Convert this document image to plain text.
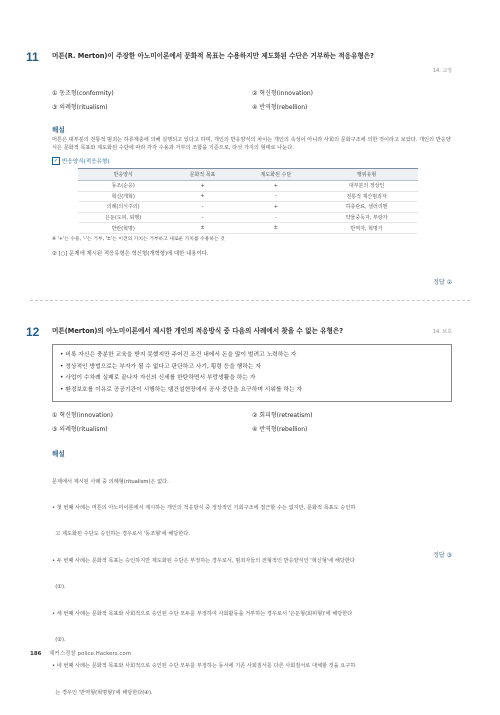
11 머튼(R. Merton)이 주장한 아노미이론에서 문화적 목표는 수용하지만 제도화된 수단은 거부하는 적응유형은?
14. 교정
① 동조형(conformity)	② 혁신형(innovation)
③ 의례형(ritualism)	④ 반역형(rebellion)
해설
머튼은 대부분의 전통적 범죄는 하류계층에 의해 실행되고 있다고 하며, 개인의 반응양식의 차이는 개인의 속성이 아니라 사회의 문화구조에 의한 것이라고 보았다. 개인의 반응양식은 문화적 목표와 제도화된 수단에 따라 각각 수용과 거부의 조합을 기준으로, 다섯 가지의 형태로 나눈다.
✓ 반응양식(적응유형)
반응양식	문화적 목표	제도화된 수단	행위유형
동조(순응)	+	+	대부분의 정상인
혁신(개혁)	+	-	전통적 재산범죄자
의례(의식주의)	-	+	하층관료, 샐러리맨
은둔(도피, 퇴행)	-	-	약물중독자, 부랑자
반란(혁명)	±	±	반역자, 혁명가
※ '+'는 수용, '-'는 거부, '±'는 이전의 가치는 거부하고 새로운 가치를 수용하는 것
② [○] 문제에 제시된 적응유형은 혁신형(개혁형)에 대한 내용이다.
정답 ②
12 머튼(Merton)의 아노미이론에서 제시한 개인의 적응방식 중 다음의 사례에서 찾을 수 없는 유형은?	14. 보호
• 비록 자신은 충분한 교육을 받지 못했지만 주어진 조건 내에서 돈을 많이 벌려고 노력하는 자
• 정상적인 방법으로는 부자가 될 수 없다고 판단하고 사기, 횡령 등을 행하는 자
• 사업이 수차례 실패로 끝나자 자신의 신세를 한탄하면서 부랑생활을 하는 자
• 환경보호를 이유로 공공기관이 시행하는 댐건설현장에서 공사 중단을 요구하며 시위를 하는 자
① 혁신형(innovation)	② 회피형(retreatism)
③ 의례형(ritualism)	④ 반역형(rebellion)
해설

문제에서 제시된 사례 중 의례형(ritualism)은 없다.

• 첫 번째 사례는 머튼의 아노미이론에서 제시하는 개인의 적응방식 중 정상적인 기회구조에 접근할 수는 없지만, 문화적 목표도 승인하

고 제도화된 수단도 승인하는 경우로서 '동조형'에 해당한다.

• 두 번째 사례는 문화적 목표는 승인하지만 제도화된 수단은 부정하는 경우로서, 범죄자들의 전형적인 반응양식인 '혁신형'에 해당한다

(①).

• 세 번째 사례는 문화적 목표와 사회적으로 승인된 수단 모두를 부정하여 사회활동을 거부하는 경우로서 '은둔형(회피형)'에 해당한다

(②).

• 네 번째 사례는 문화적 목표와 사회적으로 승인된 수단 모두를 부정하는 동시에 기존 사회질서를 다른 사회질서로 대체할 것을 요구하

는 경우인 '반역형(혁명형)'에 해당한다(④).

정답 ③
186 해커스경찰 police.Hackers.com
